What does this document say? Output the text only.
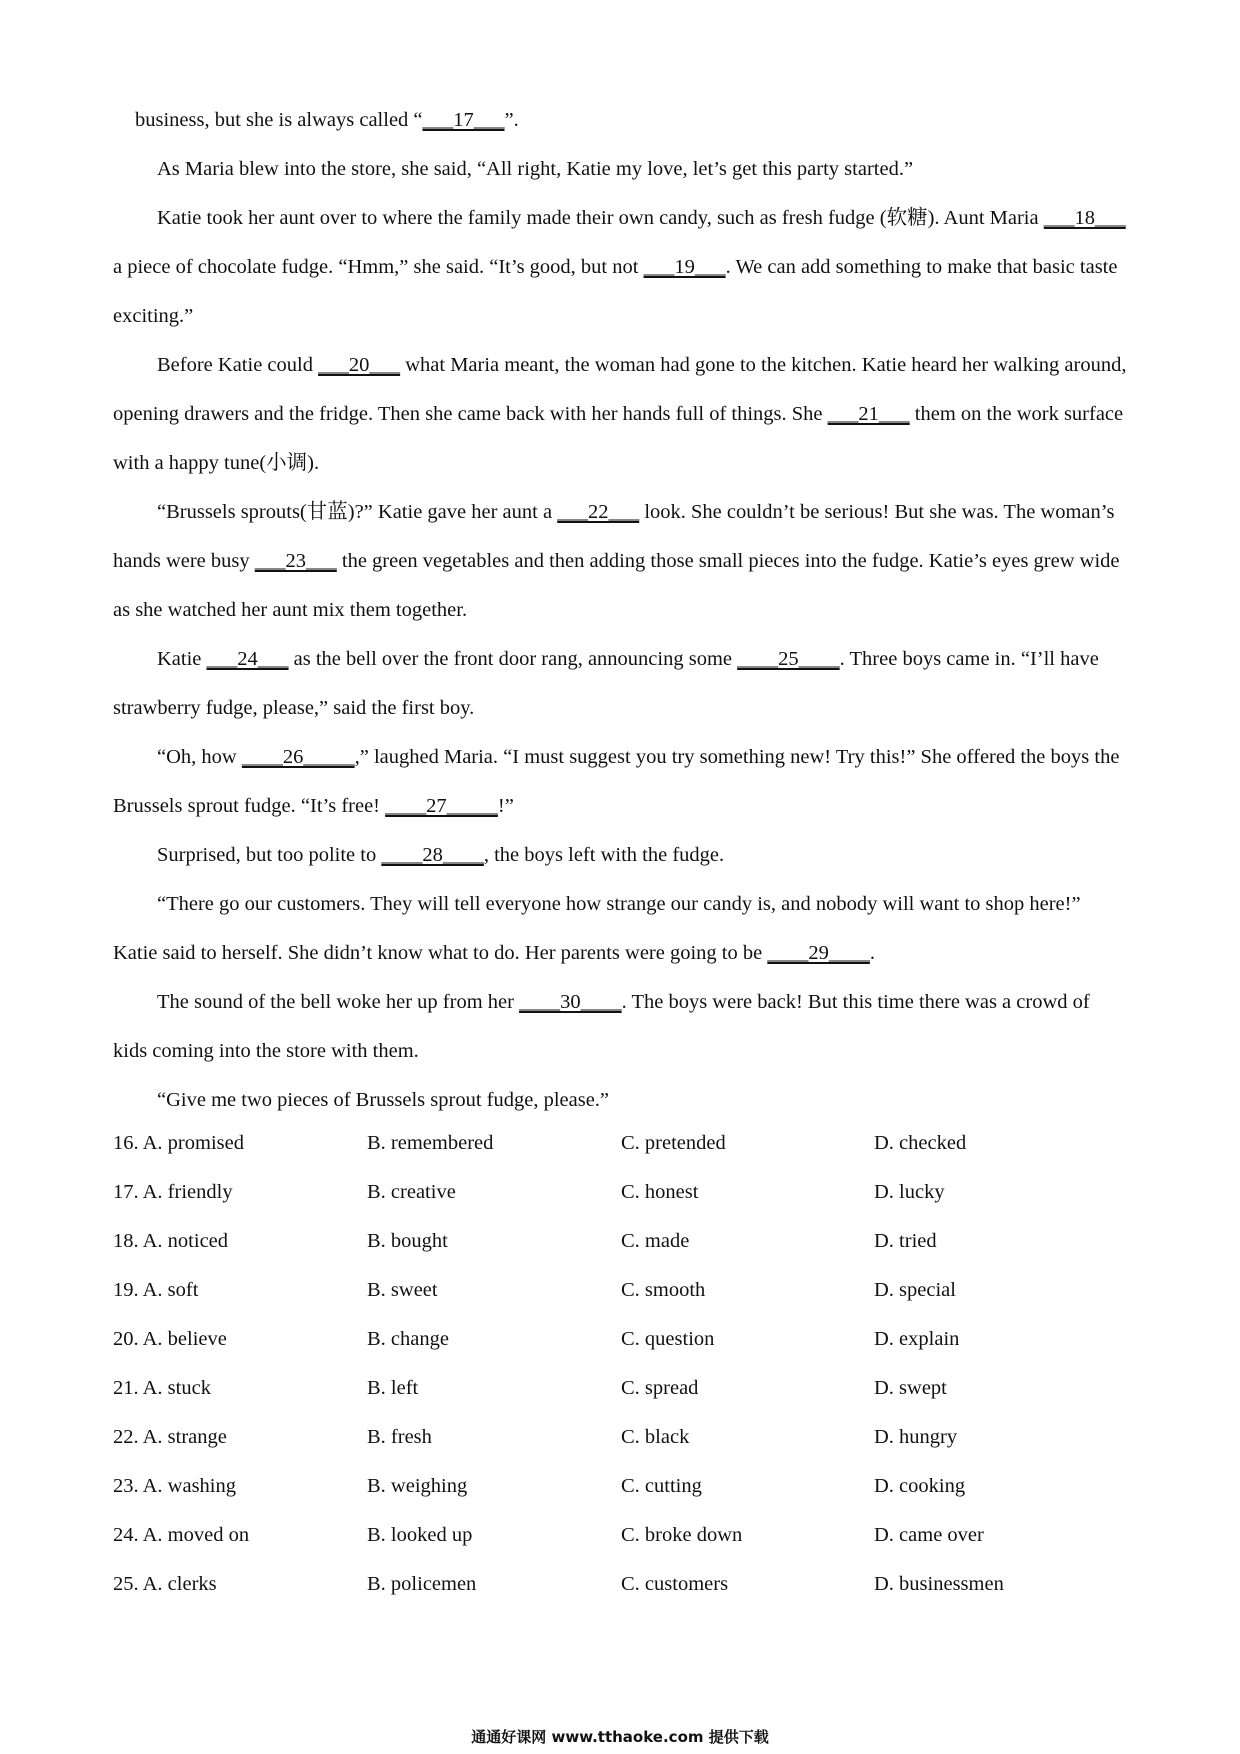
business, but she is always called “___17___”.

As Maria blew into the store, she said, “All right, Katie my love, let’s get this party started.”

Katie took her aunt over to where the family made their own candy, such as fresh fudge (软糖). Aunt Maria ___18___ a piece of chocolate fudge. “Hmm,” she said. “It’s good, but not ___19___. We can add something to make that basic taste exciting.”

Before Katie could ___20___ what Maria meant, the woman had gone to the kitchen. Katie heard her walking around, opening drawers and the fridge. Then she came back with her hands full of things. She ___21___ them on the work surface with a happy tune(小调).

“Brussels sprouts(甘蓝)?” Katie gave her aunt a ___22___ look. She couldn’t be serious! But she was. The woman’s hands were busy ___23___ the green vegetables and then adding those small pieces into the fudge. Katie’s eyes grew wide as she watched her aunt mix them together.

Katie ___24___ as the bell over the front door rang, announcing some ____25____. Three boys came in. “I’ll have strawberry fudge, please,” said the first boy.

“Oh, how ____26_____,” laughed Maria. “I must suggest you try something new! Try this!” She offered the boys the Brussels sprout fudge. “It’s free! ____27_____!”

Surprised, but too polite to ____28____, the boys left with the fudge.

“There go our customers. They will tell everyone how strange our candy is, and nobody will want to shop here!” Katie said to herself. She didn’t know what to do. Her parents were going to be ____29____.

The sound of the bell woke her up from her ____30____. The boys were back! But this time there was a crowd of kids coming into the store with them.

“Give me two pieces of Brussels sprout fudge, please.”

16. A. promised	B. remembered	C. pretended	D. checked
17. A. friendly	B. creative	C. honest	D. lucky
18. A. noticed	B. bought	C. made	D. tried
19. A. soft	B. sweet	C. smooth	D. special
20. A. believe	B. change	C. question	D. explain
21. A. stuck	B. left	C. spread	D. swept
22. A. strange	B. fresh	C. black	D. hungry
23. A. washing	B. weighing	C. cutting	D. cooking
24. A. moved on	B. looked up	C. broke down	D. came over
25. A. clerks	B. policemen	C. customers	D. businessmen
通通好课网 www.tthaoke.com 提供下载
